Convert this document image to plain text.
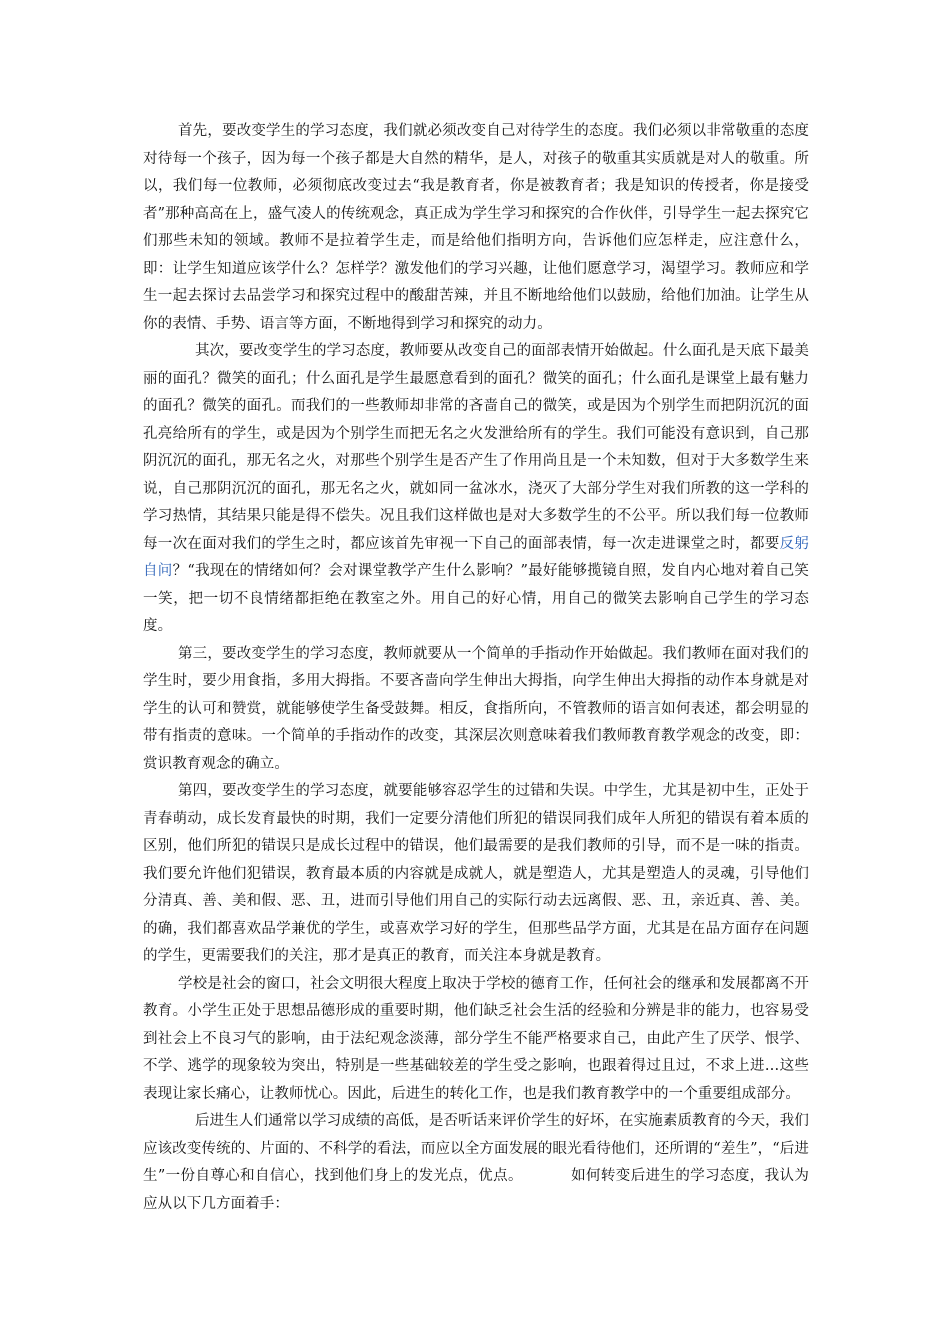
首先，要改变学生的学习态度，我们就必须改变自己对待学生的态度。我们必须以非常敬重的态度对待每一个孩子，因为每一个孩子都是大自然的精华，是人，对孩子的敬重其实质就是对人的敬重。所以，我们每一位教师，必须彻底改变过去“我是教育者，你是被教育者；我是知识的传授者，你是接受者”那种高高在上，盛气凌人的传统观念，真正成为学生学习和探究的合作伙伴，引导学生一起去探究它们那些未知的领域。教师不是拉着学生走，而是给他们指明方向，告诉他们应怎样走，应注意什么，即：让学生知道应该学什么？怎样学？激发他们的学习兴趣，让他们愿意学习，渴望学习。教师应和学生一起去探讨去品尝学习和探究过程中的酸甜苦辣，并且不断地给他们以鼓励，给他们加油。让学生从你的表情、手势、语言等方面，不断地得到学习和探究的动力。

其次，要改变学生的学习态度，教师要从改变自己的面部表情开始做起。什么面孔是天底下最美丽的面孔？微笑的面孔；什么面孔是学生最愿意看到的面孔？微笑的面孔；什么面孔是课堂上最有魅力的面孔？微笑的面孔。而我们的一些教师却非常的吝啬自己的微笑，或是因为个别学生而把阴沉沉的面孔亮给所有的学生，或是因为个别学生而把无名之火发泄给所有的学生。我们可能没有意识到，自己那阴沉沉的面孔，那无名之火，对那些个别学生是否产生了作用尚且是一个未知数，但对于大多数学生来说，自己那阴沉沉的面孔，那无名之火，就如同一盆冰水，浇灭了大部分学生对我们所教的这一学科的学习热情，其结果只能是得不偿失。况且我们这样做也是对大多数学生的不公平。所以我们每一位教师每一次在面对我们的学生之时，都应该首先审视一下自己的面部表情，每一次走进课堂之时，都要反躬自问？“我现在的情绪如何？会对课堂教学产生什么影响？”最好能够揽镜自照，发自内心地对着自己笑一笑，把一切不良情绪都拒绝在教室之外。用自己的好心情，用自己的微笑去影响自己学生的学习态度。

第三，要改变学生的学习态度，教师就要从一个简单的手指动作开始做起。我们教师在面对我们的学生时，要少用食指，多用大拇指。不要吝啬向学生伸出大拇指，向学生伸出大拇指的动作本身就是对学生的认可和赞赏，就能够使学生备受鼓舞。相反，食指所向，不管教师的语言如何表述，都会明显的带有指责的意味。一个简单的手指动作的改变，其深层次则意味着我们教师教育教学观念的改变，即：赏识教育观念的确立。

第四，要改变学生的学习态度，就要能够容忍学生的过错和失误。中学生，尤其是初中生，正处于青春萌动，成长发育最快的时期，我们一定要分清他们所犯的错误同我们成年人所犯的错误有着本质的区别，他们所犯的错误只是成长过程中的错误，他们最需要的是我们教师的引导，而不是一味的指责。我们要允许他们犯错误，教育最本质的内容就是成就人，就是塑造人，尤其是塑造人的灵魂，引导他们分清真、善、美和假、恶、丑，进而引导他们用自己的实际行动去远离假、恶、丑，亲近真、善、美。的确，我们都喜欢品学兼优的学生，或喜欢学习好的学生，但那些品学方面，尤其是在品方面存在问题的学生，更需要我们的关注，那才是真正的教育，而关注本身就是教育。

学校是社会的窗口，社会文明很大程度上取决于学校的德育工作，任何社会的继承和发展都离不开教育。小学生正处于思想品德形成的重要时期，他们缺乏社会生活的经验和分辨是非的能力，也容易受到社会上不良习气的影响，由于法纪观念淡薄，部分学生不能严格要求自己，由此产生了厌学、恨学、不学、逃学的现象较为突出，特别是一些基础较差的学生受之影响，也跟着得过且过，不求上进…这些表现让家长痛心，让教师忧心。因此，后进生的转化工作，也是我们教育教学中的一个重要组成部分。

后进生人们通常以学习成绩的高低，是否听话来评价学生的好坏，在实施素质教育的今天，我们应该改变传统的、片面的、不科学的看法，而应以全方面发展的眼光看待他们，还所谓的“差生”，“后进生”一份自尊心和自信心，找到他们身上的发光点，优点。	如何转变后进生的学习态度，我认为应从以下几方面着手：
